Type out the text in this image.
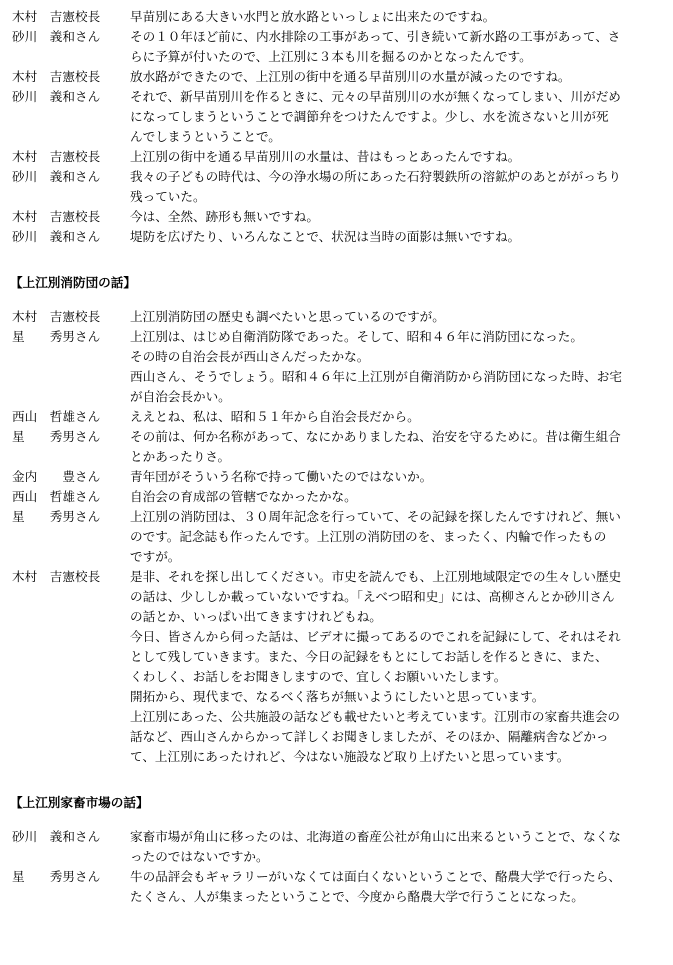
木村　吉憲校長	早苗別にある大きい水門と放水路といっしょに出来たのですね。
砂川　義和さん	その１０年ほど前に、内水排除の工事があって、引き続いて新水路の工事があって、さ
らに予算が付いたので、上江別に３本も川を掘るのかとなったんです。
木村　吉憲校長	放水路ができたので、上江別の街中を通る早苗別川の水量が減ったのですね。
砂川　義和さん	それで、新早苗別川を作るときに、元々の早苗別川の水が無くなってしまい、川がだめ
になってしまうということで調節弁をつけたんですよ。少し、水を流さないと川が死
んでしまうということで。
木村　吉憲校長	上江別の街中を通る早苗別川の水量は、昔はもっとあったんですね。
砂川　義和さん	我々の子どもの時代は、今の浄水場の所にあった石狩製鉄所の溶鉱炉のあとががっちり
残っていた。
木村　吉憲校長	今は、全然、跡形も無いですね。
砂川　義和さん	堤防を広げたり、いろんなことで、状況は当時の面影は無いですね。
【上江別消防団の話】
木村　吉憲校長	上江別消防団の歴史も調べたいと思っているのですが。
星　　秀男さん	上江別は、はじめ自衛消防隊であった。そして、昭和４６年に消防団になった。
その時の自治会長が西山さんだったかな。
西山さん、そうでしょう。昭和４６年に上江別が自衛消防から消防団になった時、お宅
が自治会長かい。
西山　哲雄さん	ええとね、私は、昭和５１年から自治会長だから。
星　　秀男さん	その前は、何か名称があって、なにかありましたね、治安を守るために。昔は衛生組合
とかあったりさ。
金内　　豊さん	青年団がそういう名称で持って働いたのではないか。
西山　哲雄さん	自治会の育成部の管轄でなかったかな。
星　　秀男さん	上江別の消防団は、３０周年記念を行っていて、その記録を探したんですけれど、無い
のです。記念誌も作ったんです。上江別の消防団のを、まったく、内輪で作ったもの
ですが。
木村　吉憲校長	是非、それを探し出してください。市史を読んでも、上江別地域限定での生々しい歴史
の話は、少ししか載っていないですね。「えべつ昭和史」には、高柳さんとか砂川さん
の話とか、いっぱい出てきますけれどもね。
今日、皆さんから伺った話は、ビデオに撮ってあるのでこれを記録にして、それはそれ
として残していきます。また、今日の記録をもとにしてお話しを作るときに、また、
くわしく、お話しをお聞きしますので、宜しくお願いいたします。
開拓から、現代まで、なるべく落ちが無いようにしたいと思っています。
上江別にあった、公共施設の話なども載せたいと考えています。江別市の家畜共進会の
話など、西山さんからかって詳しくお聞きしましたが、そのほか、隔離病舎などかっ
て、上江別にあったけれど、今はない施設など取り上げたいと思っています。
【上江別家畜市場の話】
砂川　義和さん	家畜市場が角山に移ったのは、北海道の畜産公社が角山に出来るということで、なくな
ったのではないですか。
星　　秀男さん	牛の品評会もギャラリーがいなくては面白くないということで、酪農大学で行ったら、
たくさん、人が集まったということで、今度から酪農大学で行うことになった。
